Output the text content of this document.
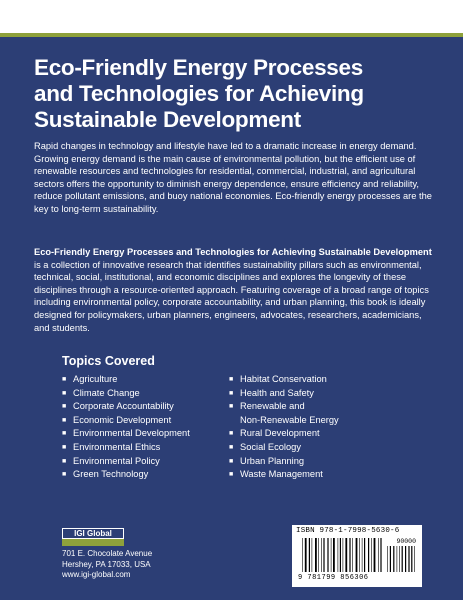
Eco-Friendly Energy Processes
and Technologies for Achieving
Sustainable Development

Rapid changes in technology and lifestyle have led to a dramatic increase in energy demand. Growing energy demand is the main cause of environmental pollution, but the efficient use of renewable resources and technologies for residential, commercial, industrial, and agricultural sectors offers the opportunity to diminish energy dependence, ensure efficiency and reliability, reduce pollutant emissions, and buoy national economies. Eco-friendly energy processes are the key to long-term sustainability.

Eco-Friendly Energy Processes and Technologies for Achieving Sustainable Development is a collection of innovative research that identifies sustainability pillars such as environmental, technical, social, institutional, and economic disciplines and explores the longevity of these disciplines through a resource-oriented approach. Featuring coverage of a broad range of topics including environmental policy, corporate accountability, and urban planning, this book is ideally designed for policymakers, urban planners, engineers, advocates, researchers, academicians, and students.

Topics Covered
■ Agriculture
■ Climate Change
■ Corporate Accountability
■ Economic Development
■ Environmental Development
■ Environmental Ethics
■ Environmental Policy
■ Green Technology
■ Habitat Conservation
■ Health and Safety
■ Renewable and
Non-Renewable Energy
■ Rural Development
■ Social Ecology
■ Urban Planning
■ Waste Management
IGI Global

701 E. Chocolate Avenue
Hershey, PA 17033, USA
www.igi-global.com

ISBN 978-1-7998-5630-6
90000
9 781799 856306
